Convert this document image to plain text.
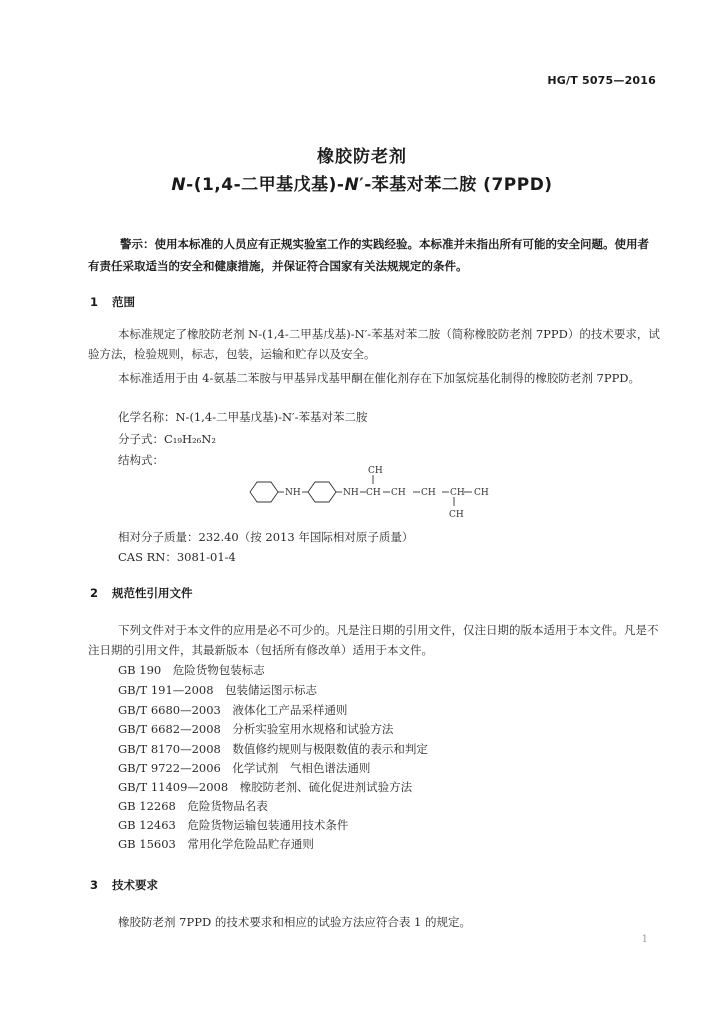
HG/T 5075—2016
橡胶防老剂
N-(1,4-二甲基戊基)-N′-苯基对苯二胺 (7PPD)
警示：使用本标准的人员应有正规实验室工作的实践经验。本标准并未指出所有可能的安全问题。使用者有责任采取适当的安全和健康措施，并保证符合国家有关法规规定的条件。
1 范围
本标准规定了橡胶防老剂 N-(1,4-二甲基戊基)-N′-苯基对苯二胺（简称橡胶防老剂 7PPD）的技术要求，试验方法，检验规则，标志，包装，运输和贮存以及安全。
本标准适用于由 4-氨基二苯胺与甲基异戊基甲酮在催化剂存在下加氢烷基化制得的橡胶防老剂 7PPD。
化学名称：N-(1,4-二甲基戊基)-N′-苯基对苯二胺
分子式：C₁₉H₂₆N₂
结构式：
NH	NH CH CH CH CH
CH
CH
CH
相对分子质量：232.40（按 2013 年国际相对原子质量）
CAS RN：3081-01-4
2 规范性引用文件
下列文件对于本文件的应用是必不可少的。凡是注日期的引用文件，仅注日期的版本适用于本文件。凡是不注日期的引用文件，其最新版本（包括所有修改单）适用于本文件。
GB 190　危险货物包装标志
GB/T 191—2008　包装储运图示标志
GB/T 6680—2003　液体化工产品采样通则
GB/T 6682—2008　分析实验室用水规格和试验方法
GB/T 8170—2008　数值修约规则与极限数值的表示和判定
GB/T 9722—2006　化学试剂　气相色谱法通则
GB/T 11409—2008　橡胶防老剂、硫化促进剂试验方法
GB 12268　危险货物品名表
GB 12463　危险货物运输包装通用技术条件
GB 15603　常用化学危险品贮存通则
3 技术要求
橡胶防老剂 7PPD 的技术要求和相应的试验方法应符合表 1 的规定。
1
